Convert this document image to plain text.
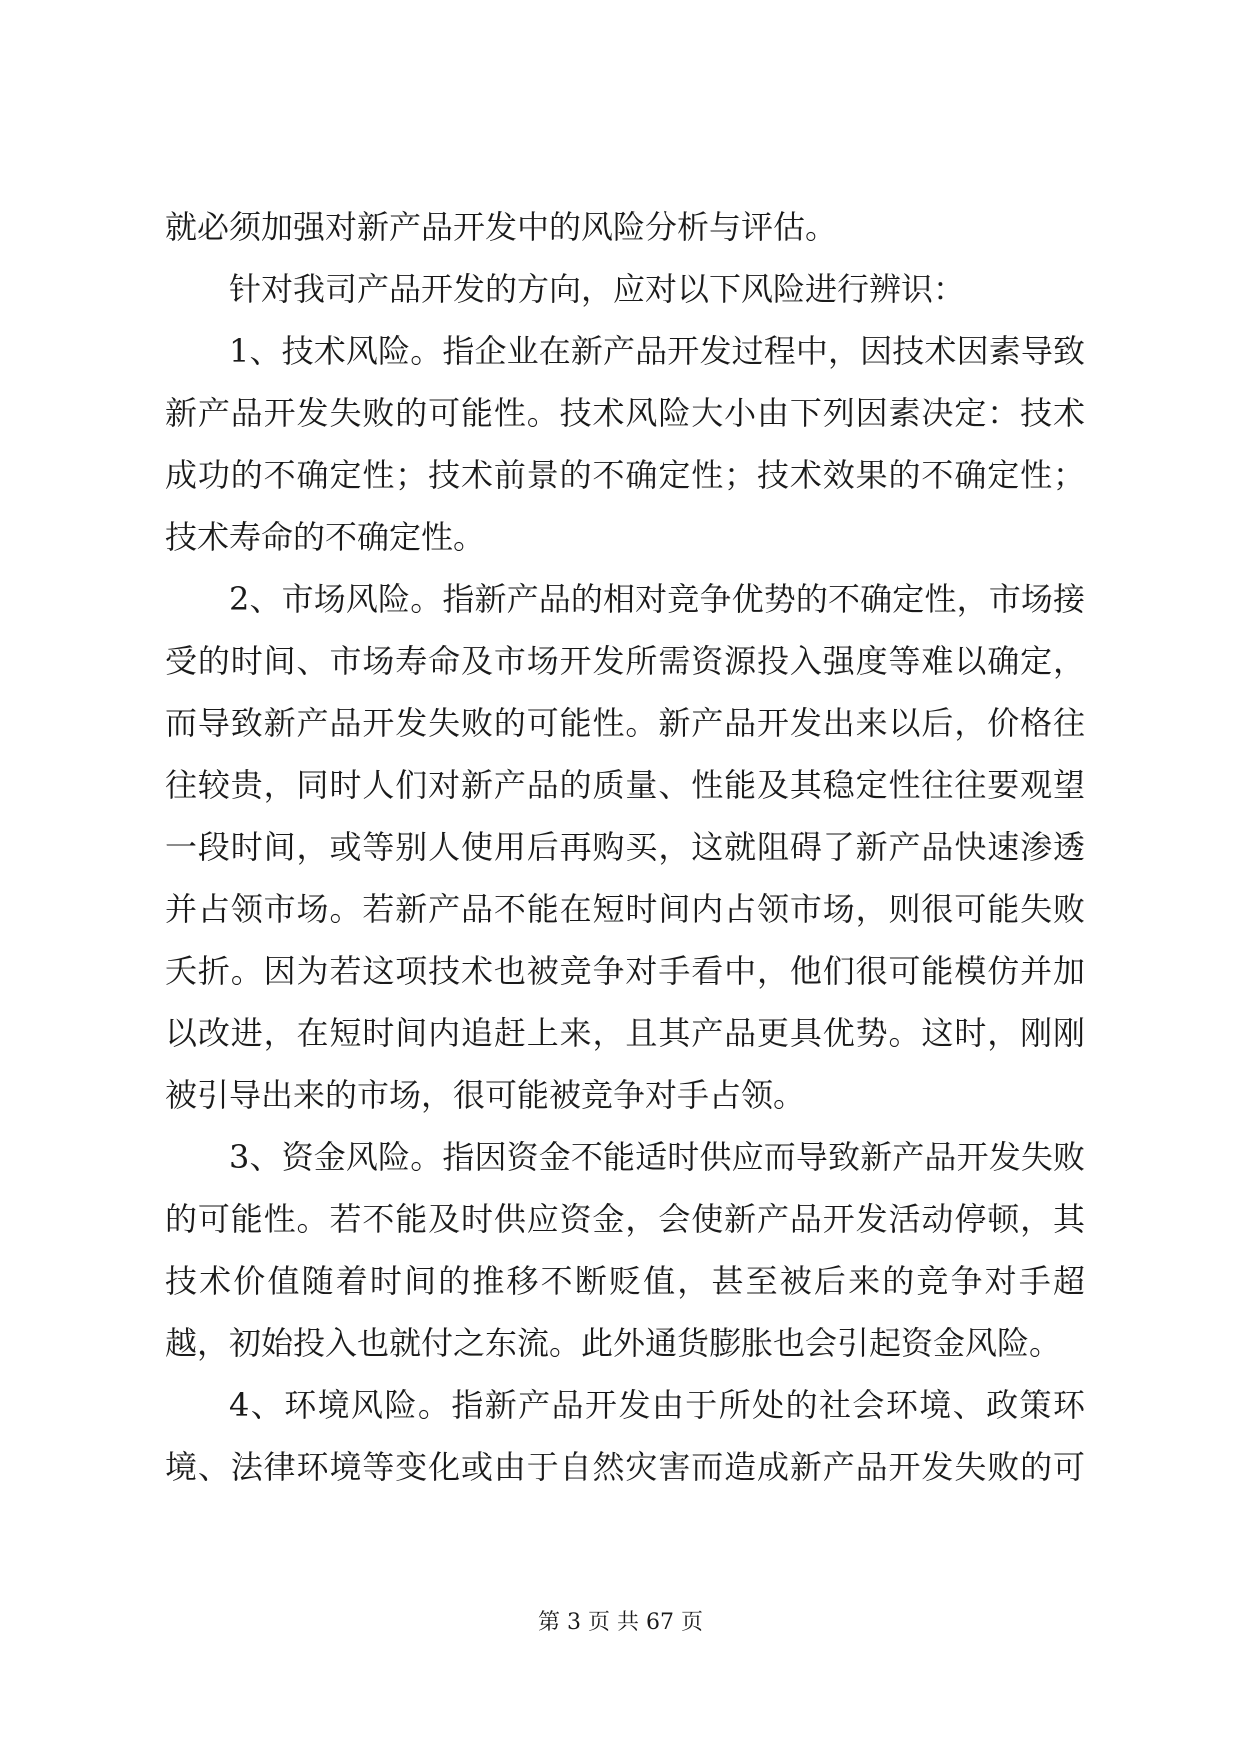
就必须加强对新产品开发中的风险分析与评估。

针对我司产品开发的方向，应对以下风险进行辨识：

1、技术风险。指企业在新产品开发过程中，因技术因素导致新产品开发失败的可能性。技术风险大小由下列因素决定：技术成功的不确定性；技术前景的不确定性；技术效果的不确定性；技术寿命的不确定性。

2、市场风险。指新产品的相对竞争优势的不确定性，市场接受的时间、市场寿命及市场开发所需资源投入强度等难以确定，而导致新产品开发失败的可能性。新产品开发出来以后，价格往往较贵，同时人们对新产品的质量、性能及其稳定性往往要观望一段时间，或等别人使用后再购买，这就阻碍了新产品快速渗透并占领市场。若新产品不能在短时间内占领市场，则很可能失败夭折。因为若这项技术也被竞争对手看中，他们很可能模仿并加以改进，在短时间内追赶上来，且其产品更具优势。这时，刚刚被引导出来的市场，很可能被竞争对手占领。

3、资金风险。指因资金不能适时供应而导致新产品开发失败的可能性。若不能及时供应资金，会使新产品开发活动停顿，其技术价值随着时间的推移不断贬值，甚至被后来的竞争对手超越，初始投入也就付之东流。此外通货膨胀也会引起资金风险。

4、环境风险。指新产品开发由于所处的社会环境、政策环境、法律环境等变化或由于自然灾害而造成新产品开发失败的可

第 3 页 共 67 页
